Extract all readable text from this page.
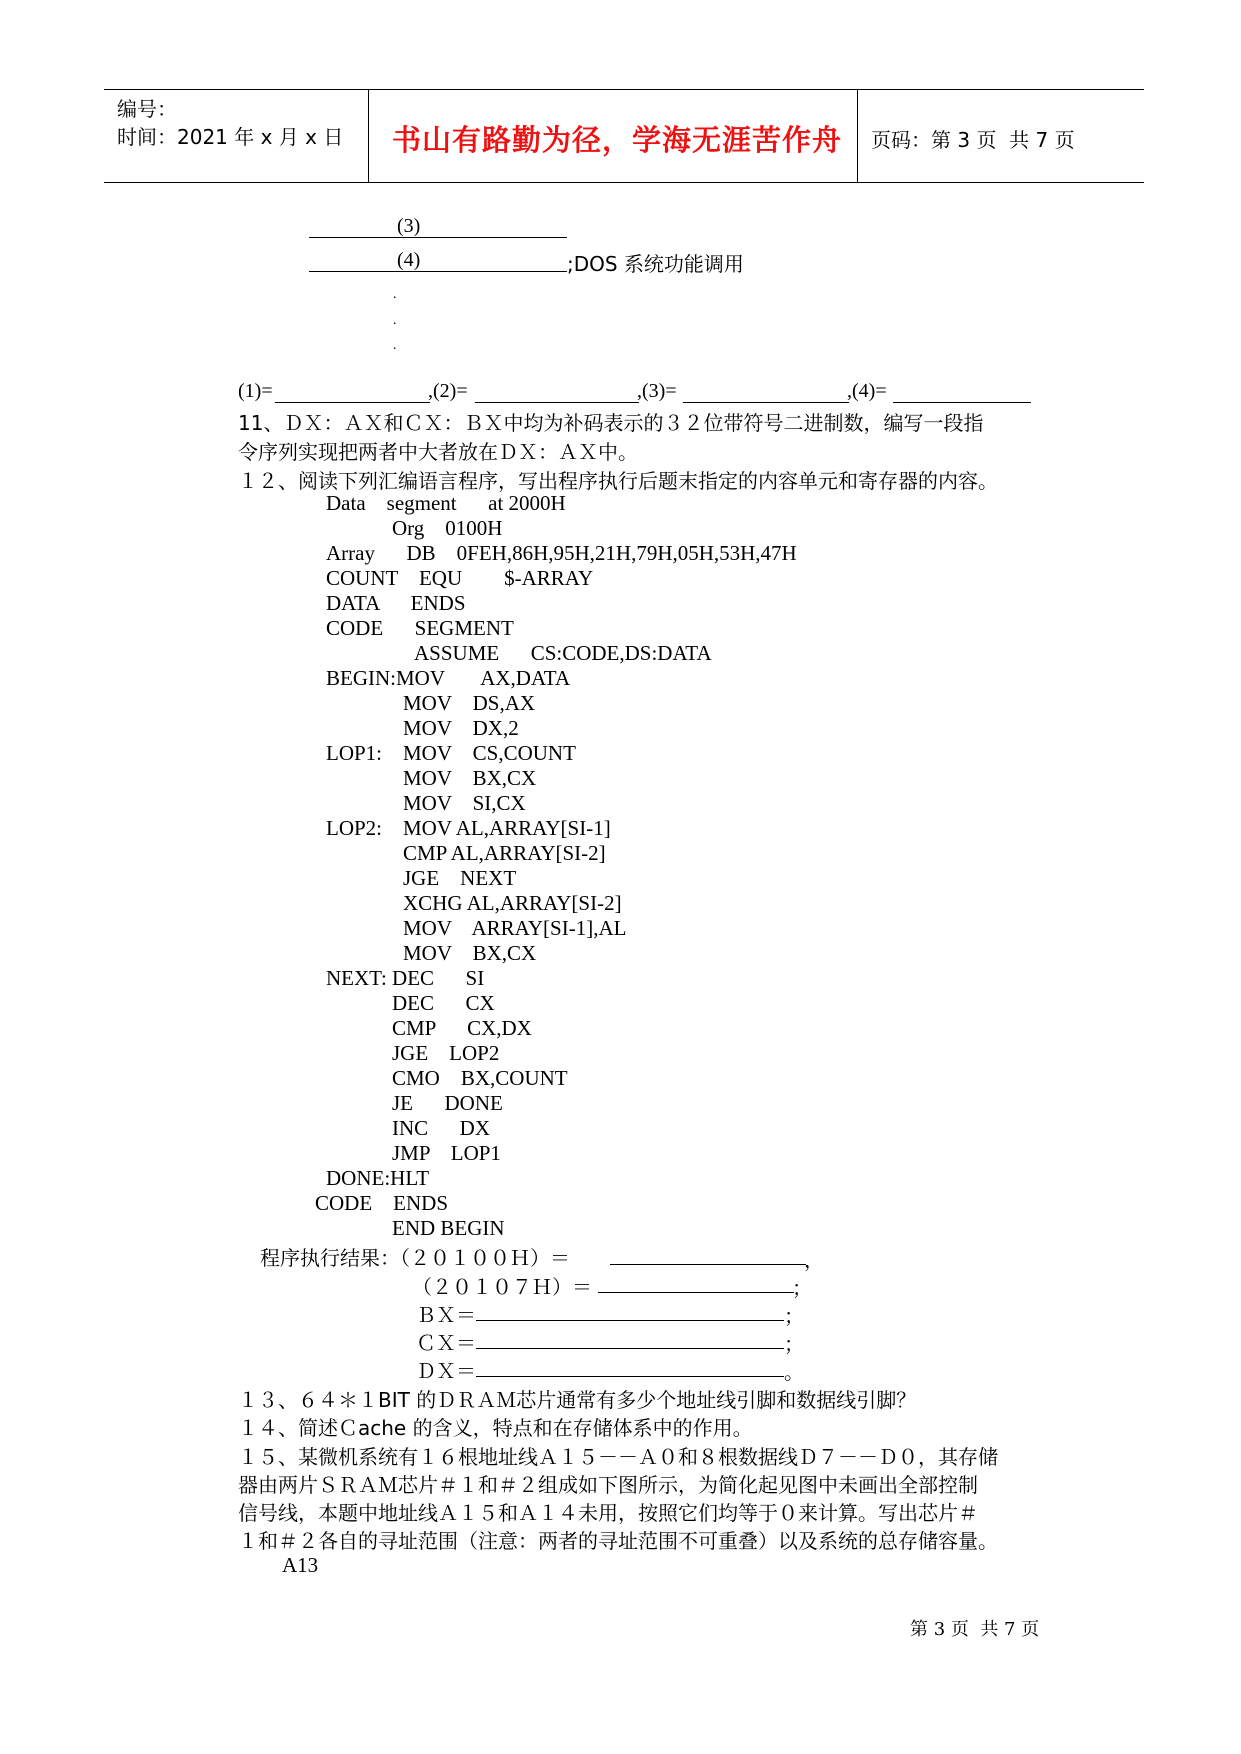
编号：
时间：2021 年 x 月 x 日 书山有路勤为径，学海无涯苦作舟 页码：第 3 页  共 7 页
(3)
(4)	;DOS 系统功能调用
.
.
.
(1)=	,(2)=	,(3)=	,(4)=
11、ＤＸ：ＡＸ和ＣＸ：ＢＸ中均为补码表示的３２位带符号二进制数，编写一段指
令序列实现把两者中大者放在ＤＸ：ＡＸ中。
１２、阅读下列汇编语言程序，写出程序执行后题末指定的内容单元和寄存器的内容。
Data    segment      at 2000H
Org    0100H
Array      DB    0FEH,86H,95H,21H,79H,05H,53H,47H
COUNT    EQU        $-ARRAY
DATA      ENDS
CODE      SEGMENT
ASSUME      CS:CODE,DS:DATA
BEGIN:MOV       AX,DATA
MOV    DS,AX
MOV    DX,2
LOP1:    MOV    CS,COUNT
MOV    BX,CX
MOV    SI,CX
LOP2:    MOV AL,ARRAY[SI-1]
CMP AL,ARRAY[SI-2]
JGE    NEXT
XCHG AL,ARRAY[SI-2]
MOV    ARRAY[SI-1],AL
MOV    BX,CX
NEXT: DEC      SI
DEC      CX
CMP      CX,DX
JGE    LOP2
CMO    BX,COUNT
JE      DONE
INC      DX
JMP    LOP1
DONE:HLT
CODE    ENDS
END BEGIN
程序执行结果：（２０１００Ｈ）＝	，
（２０１０７Ｈ）＝	；
ＢＸ＝	；
ＣＸ＝	；
ＤＸ＝	。
１３、６４＊１BIT 的ＤＲＡＭ芯片通常有多少个地址线引脚和数据线引脚？
１４、简述Ｃache 的含义，特点和在存储体系中的作用。
１５、某微机系统有１６根地址线Ａ１５－－Ａ０和８根数据线Ｄ７－－Ｄ０，其存储
器由两片ＳＲＡＭ芯片＃１和＃２组成如下图所示，为简化起见图中未画出全部控制
信号线，本题中地址线Ａ１５和Ａ１４未用，按照它们均等于０来计算。写出芯片＃
１和＃２各自的寻址范围（注意：两者的寻址范围不可重叠）以及系统的总存储容量。
A13
第 3 页  共 7 页
